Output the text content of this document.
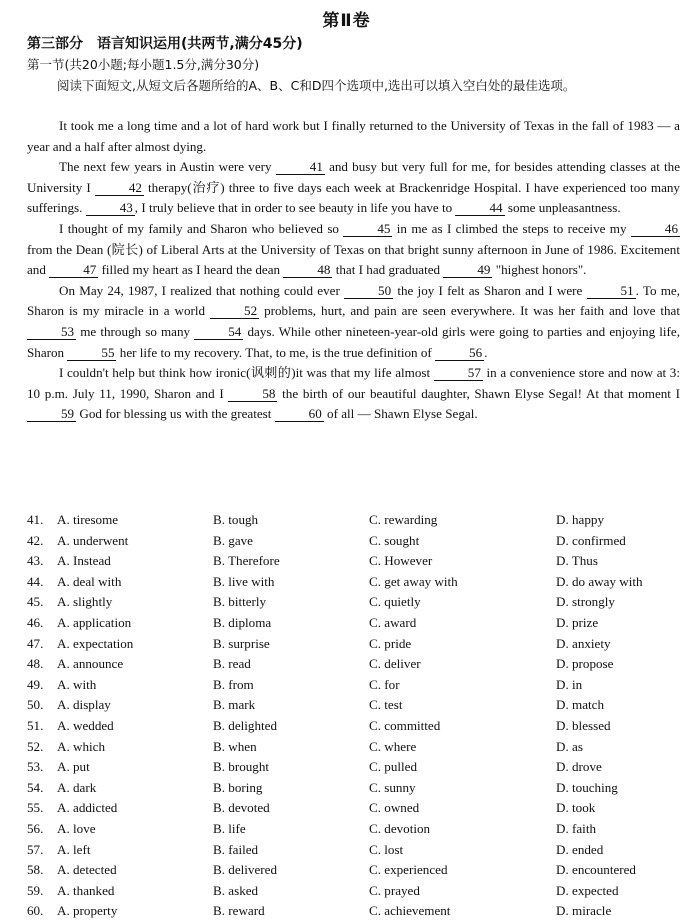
第Ⅱ卷
第三部分 语言知识运用(共两节,满分45分)
第一节(共20小题;每小题1.5分,满分30分)
阅读下面短文,从短文后各题所给的A、B、C和D四个选项中,选出可以填入空白处的最佳选项。

It took me a long time and a lot of hard work but I finally returned to the University of Texas in the fall of 1983 — a year and a half after almost dying.

The next few years in Austin were very	41 and busy but very full for me, for besides attending classes at the University I	42 therapy(治疗) three to five days each week at Brackenridge Hospital. I have experienced too many sufferings.	43 , I truly believe that in order to see beauty in life you have to	44 some unpleasantness.

I thought of my family and Sharon who believed so	45 in me as I climbed the steps to receive my	46 from the Dean (院长) of Liberal Arts at the University of Texas on that bright sunny afternoon in June of 1986. Excitement and	47 filled my heart as I heard the dean	48 that I had graduated	49 "highest honors".

On May 24, 1987, I realized that nothing could ever	50 the joy I felt as Sharon and I were	51 . To me, Sharon is my miracle in a world	52 problems, hurt, and pain are seen everywhere. It was her faith and love that 53 me through so many	54 days. While other nineteen-year-old girls were going to parties and enjoying life, Sharon	55 her life to my recovery. That, to me, is the true definition of	56 .

I couldn't help but think how ironic(讽刺的)it was that my life almost	57 in a convenience store and now at 3: 10 p.m. July 11, 1990, Sharon and I	58 the birth of our beautiful daughter, Shawn Elyse Segal! At that moment I 59 God for blessing us with the greatest	60 of all — Shawn Elyse Segal.

41. A. tiresome	B. tough	C. rewarding	D. happy
42. A. underwent	B. gave	C. sought	D. confirmed
43. A. Instead	B. Therefore	C. However	D. Thus
44. A. deal with	B. live with	C. get away with	D. do away with
45. A. slightly	B. bitterly	C. quietly	D. strongly
46. A. application	B. diploma	C. award	D. prize
47. A. expectation	B. surprise	C. pride	D. anxiety
48. A. announce	B. read	C. deliver	D. propose
49. A. with	B. from	C. for	D. in
50. A. display	B. mark	C. test	D. match
51. A. wedded	B. delighted	C. committed	D. blessed
52. A. which	B. when	C. where	D. as
53. A. put	B. brought	C. pulled	D. drove
54. A. dark	B. boring	C. sunny	D. touching
55. A. addicted	B. devoted	C. owned	D. took
56. A. love	B. life	C. devotion	D. faith
57. A. left	B. failed	C. lost	D. ended
58. A. detected	B. delivered	C. experienced	D. encountered
59. A. thanked	B. asked	C. prayed	D. expected
60. A. property	B. reward	C. achievement	D. miracle
